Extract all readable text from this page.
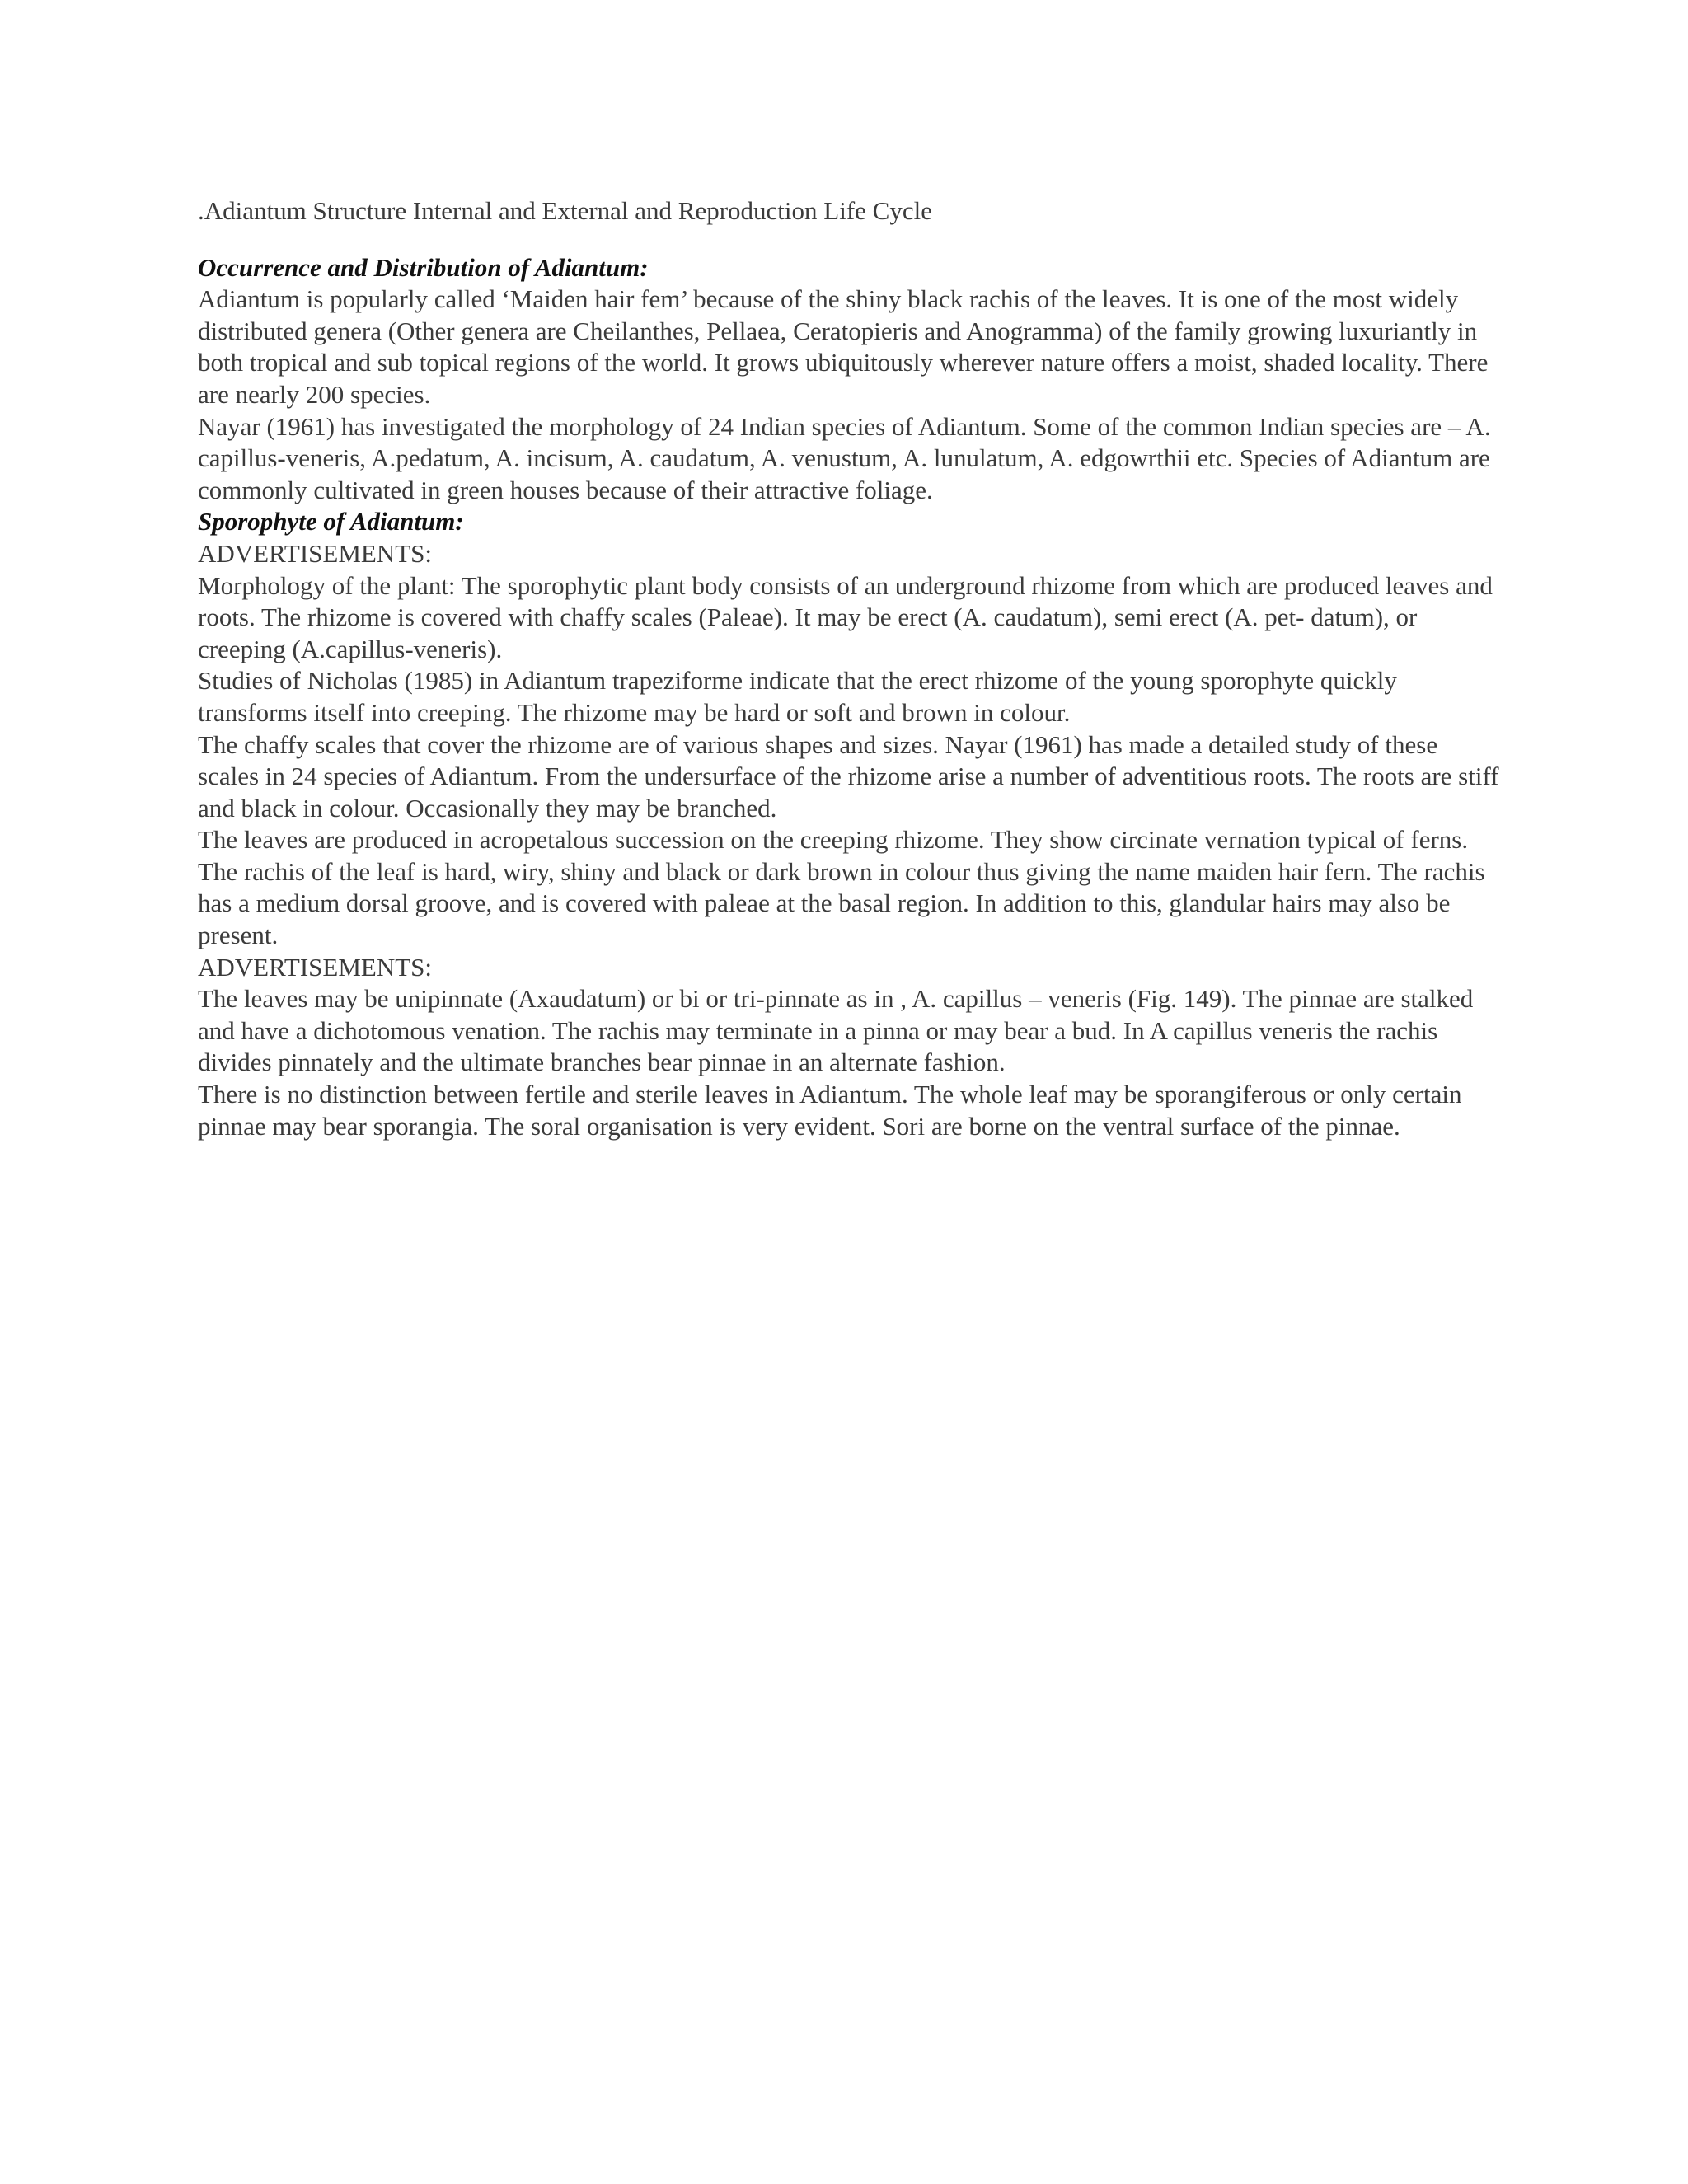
.Adiantum Structure Internal and External and Reproduction Life Cycle
Occurrence and Distribution of Adiantum:

Adiantum is popularly called ‘Maiden hair fem’ because of the shiny black rachis of the leaves. It is one of the most widely distributed genera (Other genera are Cheilanthes, Pellaea, Ceratopieris and Anogramma) of the family growing luxuriantly in both tropical and sub topical regions of the world. It grows ubiquitously wherever nature offers a moist, shaded locality. There are nearly 200 species.

Nayar (1961) has investigated the morphology of 24 Indian species of Adiantum. Some of the common Indian species are – A. capillus-veneris, A.pedatum, A. incisum, A. caudatum, A. venustum, A. lunulatum, A. edgowrthii etc. Species of Adiantum are commonly cultivated in green houses because of their attractive foliage.

Sporophyte of Adiantum:

ADVERTISEMENTS:

Morphology of the plant: The sporophytic plant body consists of an underground rhizome from which are produced leaves and roots. The rhizome is covered with chaffy scales (Paleae). It may be erect (A. caudatum), semi erect (A. pet- datum), or creeping (A.capillus-veneris).

Studies of Nicholas (1985) in Adiantum trapeziforme indicate that the erect rhizome of the young sporophyte quickly transforms itself into creeping. The rhizome may be hard or soft and brown in colour.

The chaffy scales that cover the rhizome are of various shapes and sizes. Nayar (1961) has made a detailed study of these scales in 24 species of Adiantum. From the undersurface of the rhizome arise a number of adventitious roots. The roots are stiff and black in colour. Occasionally they may be branched.

The leaves are produced in acropetalous succession on the creeping rhizome. They show circinate vernation typical of ferns. The rachis of the leaf is hard, wiry, shiny and black or dark brown in colour thus giving the name maiden hair fern. The rachis has a medium dorsal groove, and is covered with paleae at the basal region. In addition to this, glandular hairs may also be present.

ADVERTISEMENTS:

The leaves may be unipinnate (Axaudatum) or bi or tri-pinnate as in , A. capillus – veneris (Fig. 149). The pinnae are stalked and have a dichotomous venation. The rachis may terminate in a pinna or may bear a bud. In A capillus veneris the rachis divides pinnately and the ultimate branches bear pinnae in an alternate fashion.

There is no distinction between fertile and sterile leaves in Adiantum. The whole leaf may be sporangiferous or only certain pinnae may bear sporangia. The soral organisation is very evident. Sori are borne on the ventral surface of the pinnae.
